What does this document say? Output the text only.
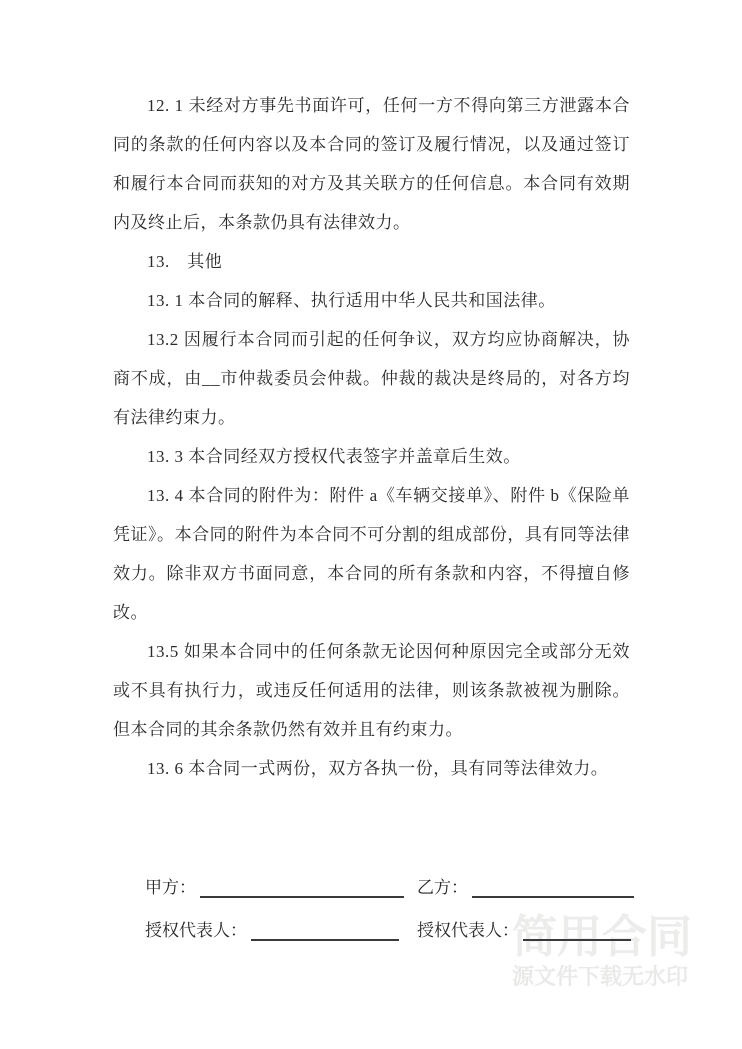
简用合同
源文件下载无水印

12. 1 未经对方事先书面许可，任何一方不得向第三方泄露本合同的条款的任何内容以及本合同的签订及履行情况，以及通过签订和履行本合同而获知的对方及其关联方的任何信息。本合同有效期内及终止后，本条款仍具有法律效力。

13.　其他

13. 1 本合同的解释、执行适用中华人民共和国法律。

13.2 因履行本合同而引起的任何争议，双方均应协商解决，协商不成，由__市仲裁委员会仲裁。仲裁的裁决是终局的，对各方均有法律约束力。

13. 3 本合同经双方授权代表签字并盖章后生效。

13. 4 本合同的附件为：附件 a《车辆交接单》、附件 b《保险单凭证》。本合同的附件为本合同不可分割的组成部份，具有同等法律效力。除非双方书面同意，本合同的所有条款和内容，不得擅自修改。

13.5 如果本合同中的任何条款无论因何种原因完全或部分无效或不具有执行力，或违反任何适用的法律，则该条款被视为删除。但本合同的其余条款仍然有效并且有约束力。

13. 6 本合同一式两份，双方各执一份，具有同等法律效力。

甲方：	乙方：
授权代表人：	授权代表人：
